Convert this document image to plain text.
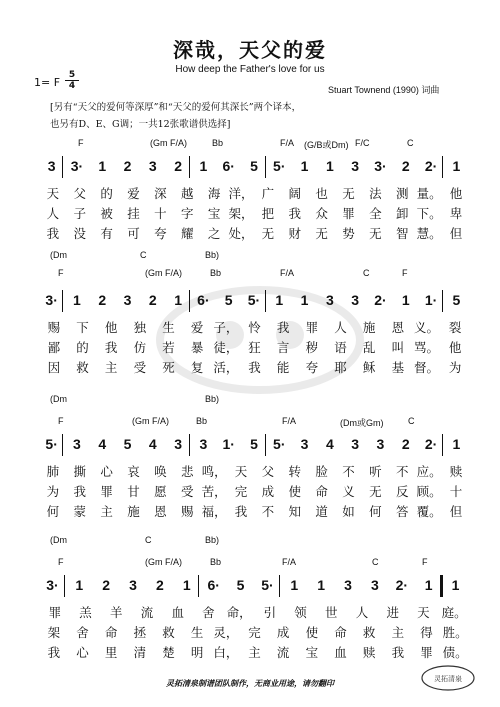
深哉，天父的爱
How deep the Father's love for us
1= F
5
4	Stuart Townend (1990) 词曲
[另有“天父的爱何等深厚”和“天父的爱何其深长”两个译本，
也另有D、E、G调；一共12张歌谱供选择]
(G/B或Dm)
F	(Gm F/A)	Bb	F/A	F/C	C
3	3·	1	2	3	2	1	6·	5	5·	1	1	3	3·	2	2·	1
天	父	的	爱	深	越	海 洋， 广	阔	也	无	法	测 量。 他
人	子	被	挂	十	字	宝 架， 把	我	众	罪	全	卸 下。 卑
我	没	有	可	夸	耀	之 处， 无	财	无	势	无	智 慧。 但
(Dm	C	Bb)
F	(Gm F/A)	Bb	F/A	C	F
3·	1	2	3	2	1	6·	5	5·	1	1	3	3	2·	1	1·	5
赐	下	他	独	生	爱 子， 怜	我	罪	人	施	恩 义。 裂
鄙	的	我	仿	若	暴 徒， 狂	言	秽	语	乱	叫 骂。 他
因	救	主	受	死	复 活， 我	能	夸	耶	稣	基 督。 为
(Dm	Bb)
F	(Gm F/A)	Bb	F/A	(Dm或Gm)	C
5·	3	4	5	4	3	3	1·	5	5·	3	4	3	3	2	2·	1
肺	撕	心	哀	唤	悲 鸣， 天	父	转	脸	不	听	不 应。 赎
为	我	罪	甘	愿	受 苦， 完	成	使	命	义	无	反 顾。 十
何	蒙	主	施	恩	赐 福， 我	不	知	道	如	何	答 覆。 但
(Dm	C	Bb)
F	(Gm F/A)	Bb	F/A	C	F
3·	1	2	3	2	1	6·	5	5·	1	1	3	3	2·	1	1
罪	羔	羊	流	血	舍 命， 引	领	世	人	进	天 庭。
架	舍	命	拯	救	生 灵， 完	成	使	命	救	主	得 胜。
我	心	里	清	楚	明 白， 主	流	宝	血	赎	我	罪 债。
灵拓清泉制谱团队制作，无商业用途，请勿翻印	灵拓清泉
